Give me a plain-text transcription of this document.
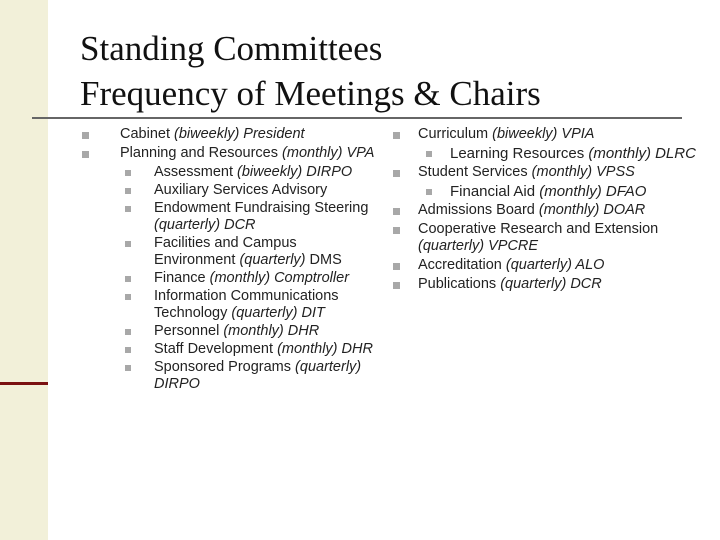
Standing Committees
Frequency of Meetings & Chairs
Cabinet (biweekly) President
Planning and Resources (monthly) VPA
Assessment (biweekly) DIRPO
Auxiliary Services Advisory
Endowment Fundraising Steering (quarterly) DCR
Facilities and Campus Environment (quarterly) DMS
Finance (monthly) Comptroller
Information Communications Technology (quarterly) DIT
Personnel (monthly) DHR
Staff Development (monthly) DHR
Sponsored Programs (quarterly) DIRPO
Curriculum (biweekly) VPIA
Learning Resources (monthly) DLRC
Student Services (monthly) VPSS
Financial Aid (monthly) DFAO
Admissions Board (monthly) DOAR
Cooperative Research and Extension (quarterly) VPCRE
Accreditation (quarterly) ALO
Publications (quarterly) DCR
